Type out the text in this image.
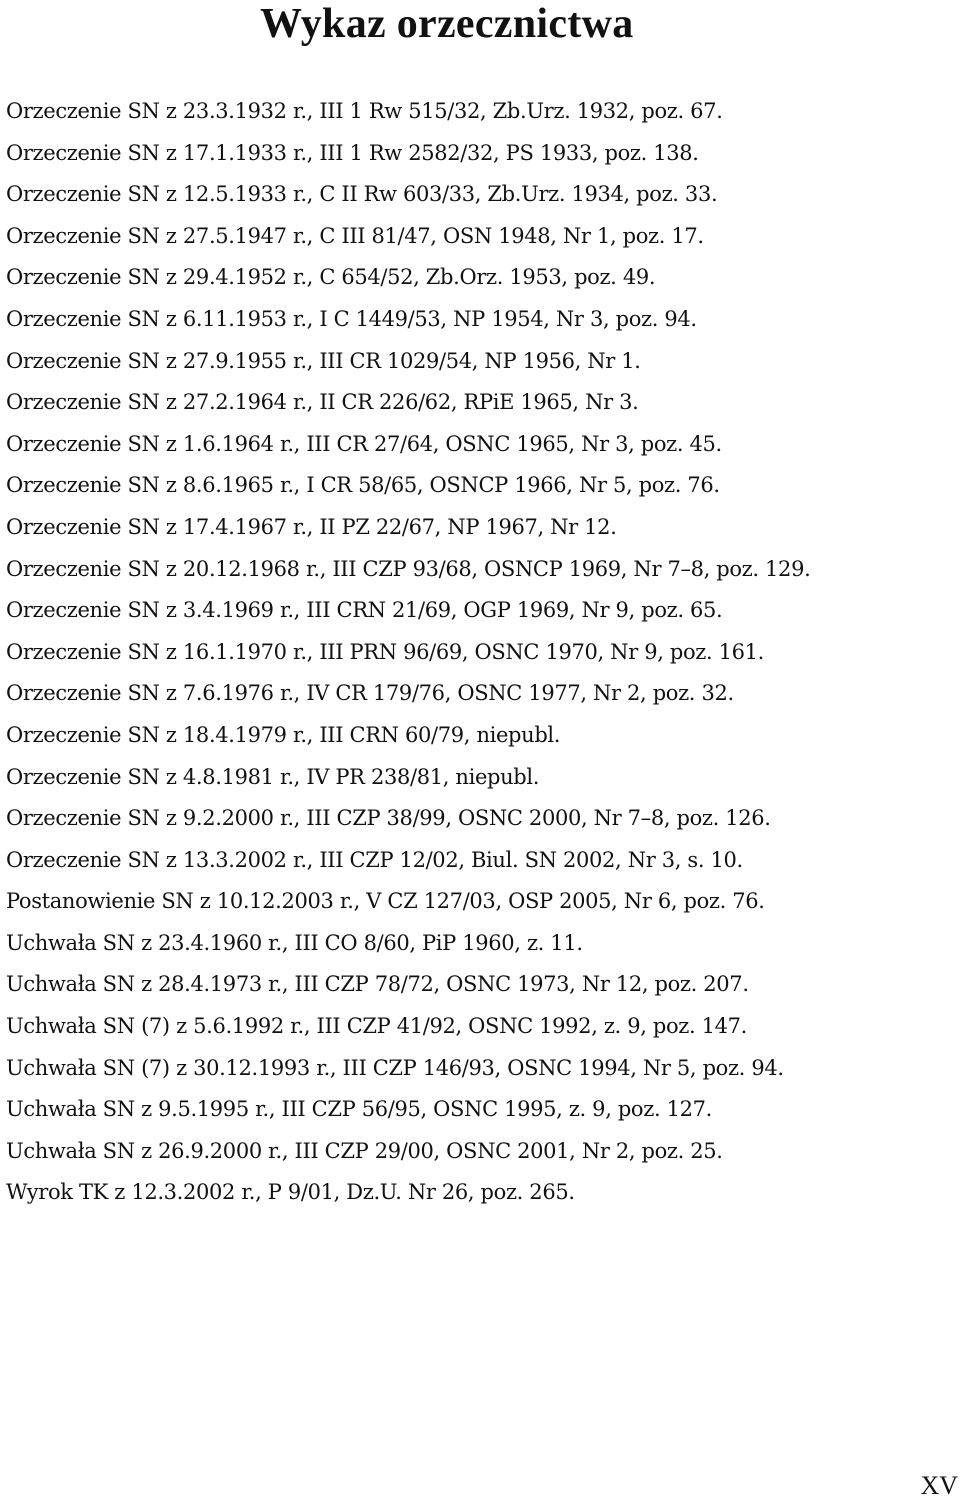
Wykaz orzecznictwa
Orzeczenie SN z 23.3.1932 r., III 1 Rw 515/32, Zb.Urz. 1932, poz. 67.
Orzeczenie SN z 17.1.1933 r., III 1 Rw 2582/32, PS 1933, poz. 138.
Orzeczenie SN z 12.5.1933 r., C II Rw 603/33, Zb.Urz. 1934, poz. 33.
Orzeczenie SN z 27.5.1947 r., C III 81/47, OSN 1948, Nr 1, poz. 17.
Orzeczenie SN z 29.4.1952 r., C 654/52, Zb.Orz. 1953, poz. 49.
Orzeczenie SN z 6.11.1953 r., I C 1449/53, NP 1954, Nr 3, poz. 94.
Orzeczenie SN z 27.9.1955 r., III CR 1029/54, NP 1956, Nr 1.
Orzeczenie SN z 27.2.1964 r., II CR 226/62, RPiE 1965, Nr 3.
Orzeczenie SN z 1.6.1964 r., III CR 27/64, OSNC 1965, Nr 3, poz. 45.
Orzeczenie SN z 8.6.1965 r., I CR 58/65, OSNCP 1966, Nr 5, poz. 76.
Orzeczenie SN z 17.4.1967 r., II PZ 22/67, NP 1967, Nr 12.
Orzeczenie SN z 20.12.1968 r., III CZP 93/68, OSNCP 1969, Nr 7–8, poz. 129.
Orzeczenie SN z 3.4.1969 r., III CRN 21/69, OGP 1969, Nr 9, poz. 65.
Orzeczenie SN z 16.1.1970 r., III PRN 96/69, OSNC 1970, Nr 9, poz. 161.
Orzeczenie SN z 7.6.1976 r., IV CR 179/76, OSNC 1977, Nr 2, poz. 32.
Orzeczenie SN z 18.4.1979 r., III CRN 60/79, niepubl.
Orzeczenie SN z 4.8.1981 r., IV PR 238/81, niepubl.
Orzeczenie SN z 9.2.2000 r., III CZP 38/99, OSNC 2000, Nr 7–8, poz. 126.
Orzeczenie SN z 13.3.2002 r., III CZP 12/02, Biul. SN 2002, Nr 3, s. 10.
Postanowienie SN z 10.12.2003 r., V CZ 127/03, OSP 2005, Nr 6, poz. 76.
Uchwała SN z 23.4.1960 r., III CO 8/60, PiP 1960, z. 11.
Uchwała SN z 28.4.1973 r., III CZP 78/72, OSNC 1973, Nr 12, poz. 207.
Uchwała SN (7) z 5.6.1992 r., III CZP 41/92, OSNC 1992, z. 9, poz. 147.
Uchwała SN (7) z 30.12.1993 r., III CZP 146/93, OSNC 1994, Nr 5, poz. 94.
Uchwała SN z 9.5.1995 r., III CZP 56/95, OSNC 1995, z. 9, poz. 127.
Uchwała SN z 26.9.2000 r., III CZP 29/00, OSNC 2001, Nr 2, poz. 25.
Wyrok TK z 12.3.2002 r., P 9/01, Dz.U. Nr 26, poz. 265.
XV
